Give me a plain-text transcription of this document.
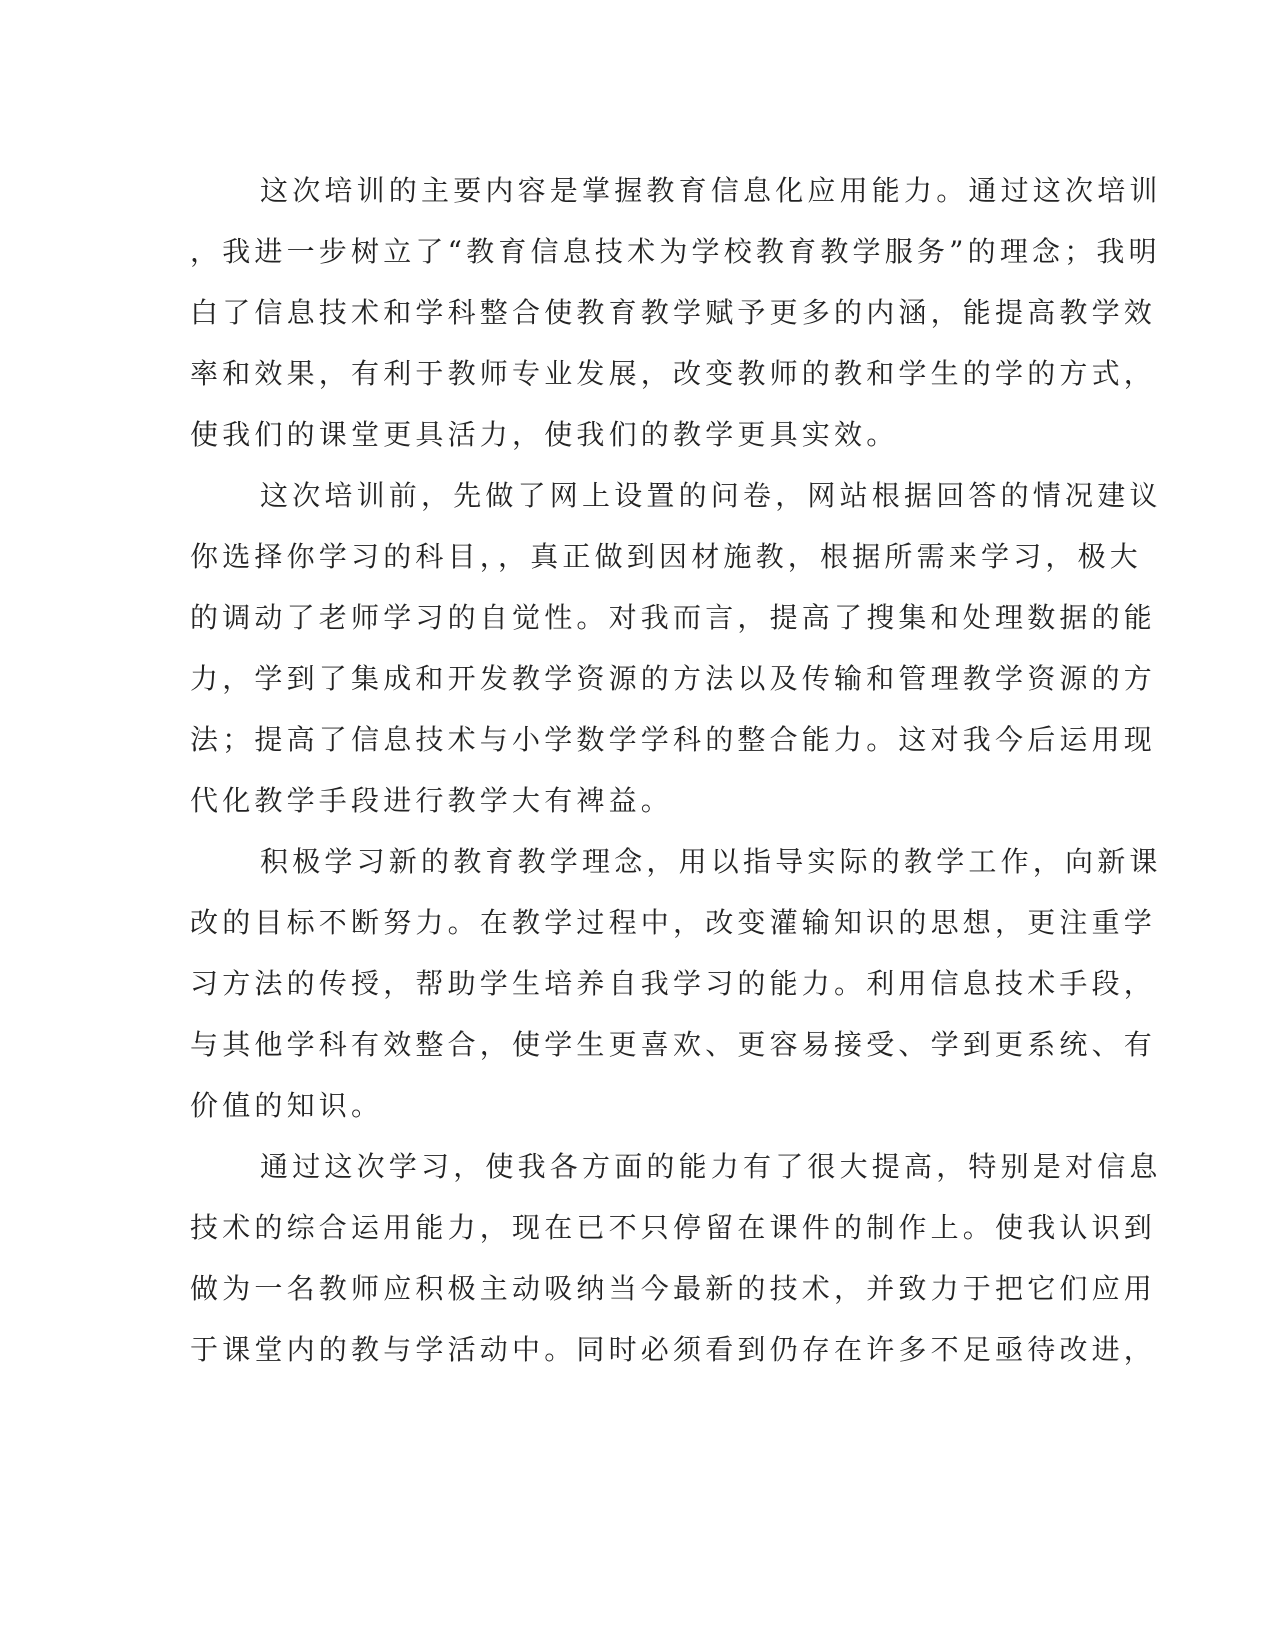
这次培训的主要内容是掌握教育信息化应用能力。通过这次培训
，我进一步树立了“教育信息技术为学校教育教学服务”的理念；我明
白了信息技术和学科整合使教育教学赋予更多的内涵，能提高教学效
率和效果，有利于教师专业发展，改变教师的教和学生的学的方式，
使我们的课堂更具活力，使我们的教学更具实效。
这次培训前，先做了网上设置的问卷，网站根据回答的情况建议
你选择你学习的科目，，真正做到因材施教，根据所需来学习，极大
的调动了老师学习的自觉性。对我而言，提高了搜集和处理数据的能
力，学到了集成和开发教学资源的方法以及传输和管理教学资源的方
法；提高了信息技术与小学数学学科的整合能力。这对我今后运用现
代化教学手段进行教学大有裨益。
积极学习新的教育教学理念，用以指导实际的教学工作，向新课
改的目标不断努力。在教学过程中，改变灌输知识的思想，更注重学
习方法的传授，帮助学生培养自我学习的能力。利用信息技术手段，
与其他学科有效整合，使学生更喜欢、更容易接受、学到更系统、有
价值的知识。
通过这次学习，使我各方面的能力有了很大提高，特别是对信息
技术的综合运用能力，现在已不只停留在课件的制作上。使我认识到
做为一名教师应积极主动吸纳当今最新的技术，并致力于把它们应用
于课堂内的教与学活动中。同时必须看到仍存在许多不足亟待改进，
